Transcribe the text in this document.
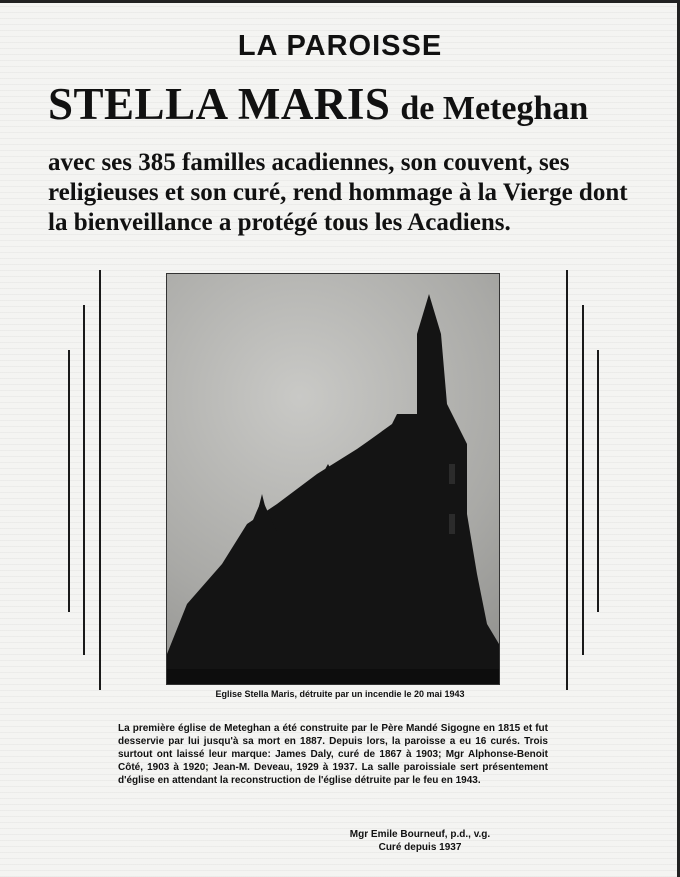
LA PAROISSE
STELLA MARIS de Meteghan
avec ses 385 familles acadiennes, son couvent, ses religieuses et son curé, rend hommage à la Vierge dont la bienveillance a protégé tous les Acadiens.
Eglise Stella Maris, détruite par un incendie le 20 mai 1943
La première église de Meteghan a été construite par le Père Mandé Sigogne en 1815 et fut desservie par lui jusqu'à sa mort en 1887. Depuis lors, la paroisse a eu 16 curés. Trois surtout ont laissé leur marque: James Daly, curé de 1867 à 1903; Mgr Alphonse-Benoit Côté, 1903 à 1920; Jean-M. Deveau, 1929 à 1937. La salle paroissiale sert présentement d'église en attendant la reconstruction de l'église détruite par le feu en 1943.
Mgr Emile Bourneuf, p.d., v.g.
Curé depuis 1937
